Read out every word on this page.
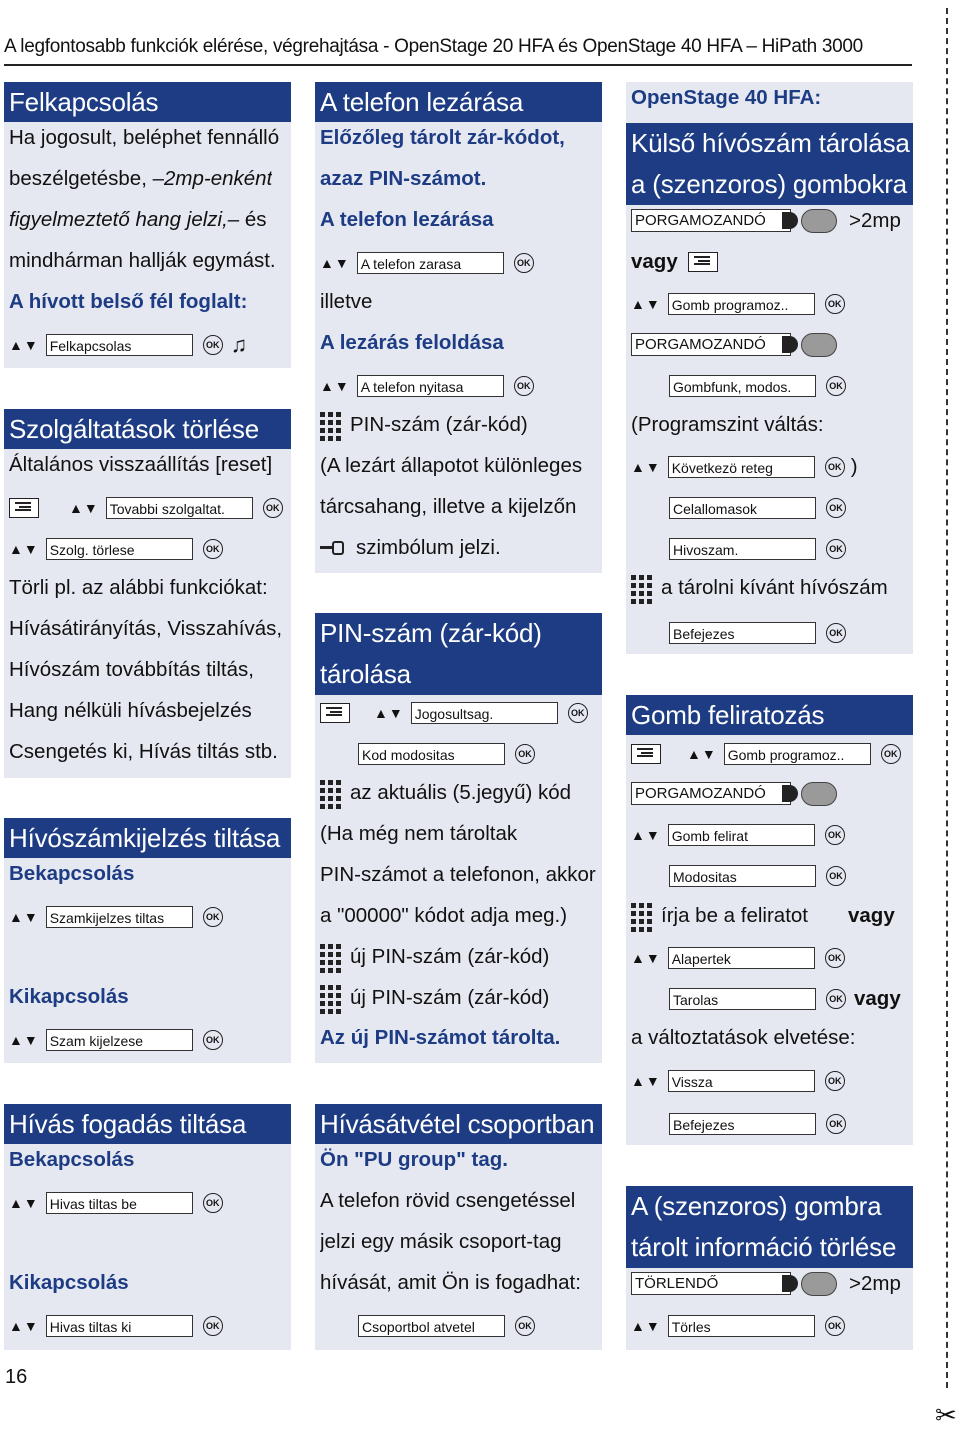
A legfontosabb funkciók elérése, végrehajtása - OpenStage 20 HFA és OpenStage 40 HFA – HiPath 3000
✂
16
Felkapcsolás
Ha jogosult, beléphet fennálló
beszélgetésbe, – 2mp-enként
figyelmeztető hang jelzi, – és
mindhárman hallják egymást.
A hívott belső fél foglalt:
▲▼ Felkapcsolas	OK ♫
Szolgáltatások törlése
Általános visszaállítás [reset]
▲▼ Tovabbi szolgaltat.	OK
▲▼ Szolg. törlese	OK
Törli pl. az alábbi funkciókat:
Hívásátirányítás, Visszahívás,
Hívószám továbbítás tiltás,
Hang nélküli hívásbejelzés
Csengetés ki, Hívás tiltás stb.
Hívószámkijelzés tiltása
Bekapcsolás
▲▼ Szamkijelzes tiltas	OK
Kikapcsolás
▲▼ Szam kijelzese	OK
Hívás fogadás tiltása
Bekapcsolás
▲▼ Hivas tiltas be	OK
Kikapcsolás
▲▼ Hivas tiltas ki	OK
A telefon lezárása
Előzőleg tárolt zár-kódot,
azaz PIN-számot.
A telefon lezárása
▲▼ A telefon zarasa	OK
illetve
A lezárás feloldása
▲▼ A telefon nyitasa	OK
PIN-szám (zár-kód)
(A lezárt állapotot különleges
tárcsahang, illetve a kijelzőn
szimbólum jelzi.
PIN-szám (zár-kód)
tárolása
▲▼ Jogosultsag.	OK
Kod modositas	OK
az aktuális (5.jegyű) kód
(Ha még nem tároltak
PIN-számot a telefonon, akkor
a "00000" kódot adja meg.)
új PIN-szám (zár-kód)
új PIN-szám (zár-kód)
Az új PIN-számot tárolta.
Hívásátvétel csoportban
Ön "PU group" tag.
A telefon rövid csengetéssel
jelzi egy másik csoport-tag
hívását, amit Ön is fogadhat:
Csoportbol atvetel	OK
OpenStage 40 HFA:
Külső hívószám tárolása
a (szenzoros) gombokra
PORGAMOZANDÓ	>2mp
vagy
▲▼ Gomb programoz..	OK
PORGAMOZANDÓ
Gombfunk, modos.	OK
(Programszint váltás:
▲▼ Következö reteg	OK )
Celallomasok	OK
Hivoszam.	OK
a tárolni kívánt hívószám
Befejezes	OK
Gomb feliratozás
▲▼ Gomb programoz..	OK
PORGAMOZANDÓ
▲▼ Gomb felirat	OK
Modositas	OK
írja be a feliratot vagy
▲▼ Alapertek	OK
Tarolas	OK vagy
a változtatások elvetése:
▲▼ Vissza	OK
Befejezes	OK
A (szenzoros) gombra
tárolt információ törlése
TÖRLENDŐ	>2mp
▲▼ Törles	OK
